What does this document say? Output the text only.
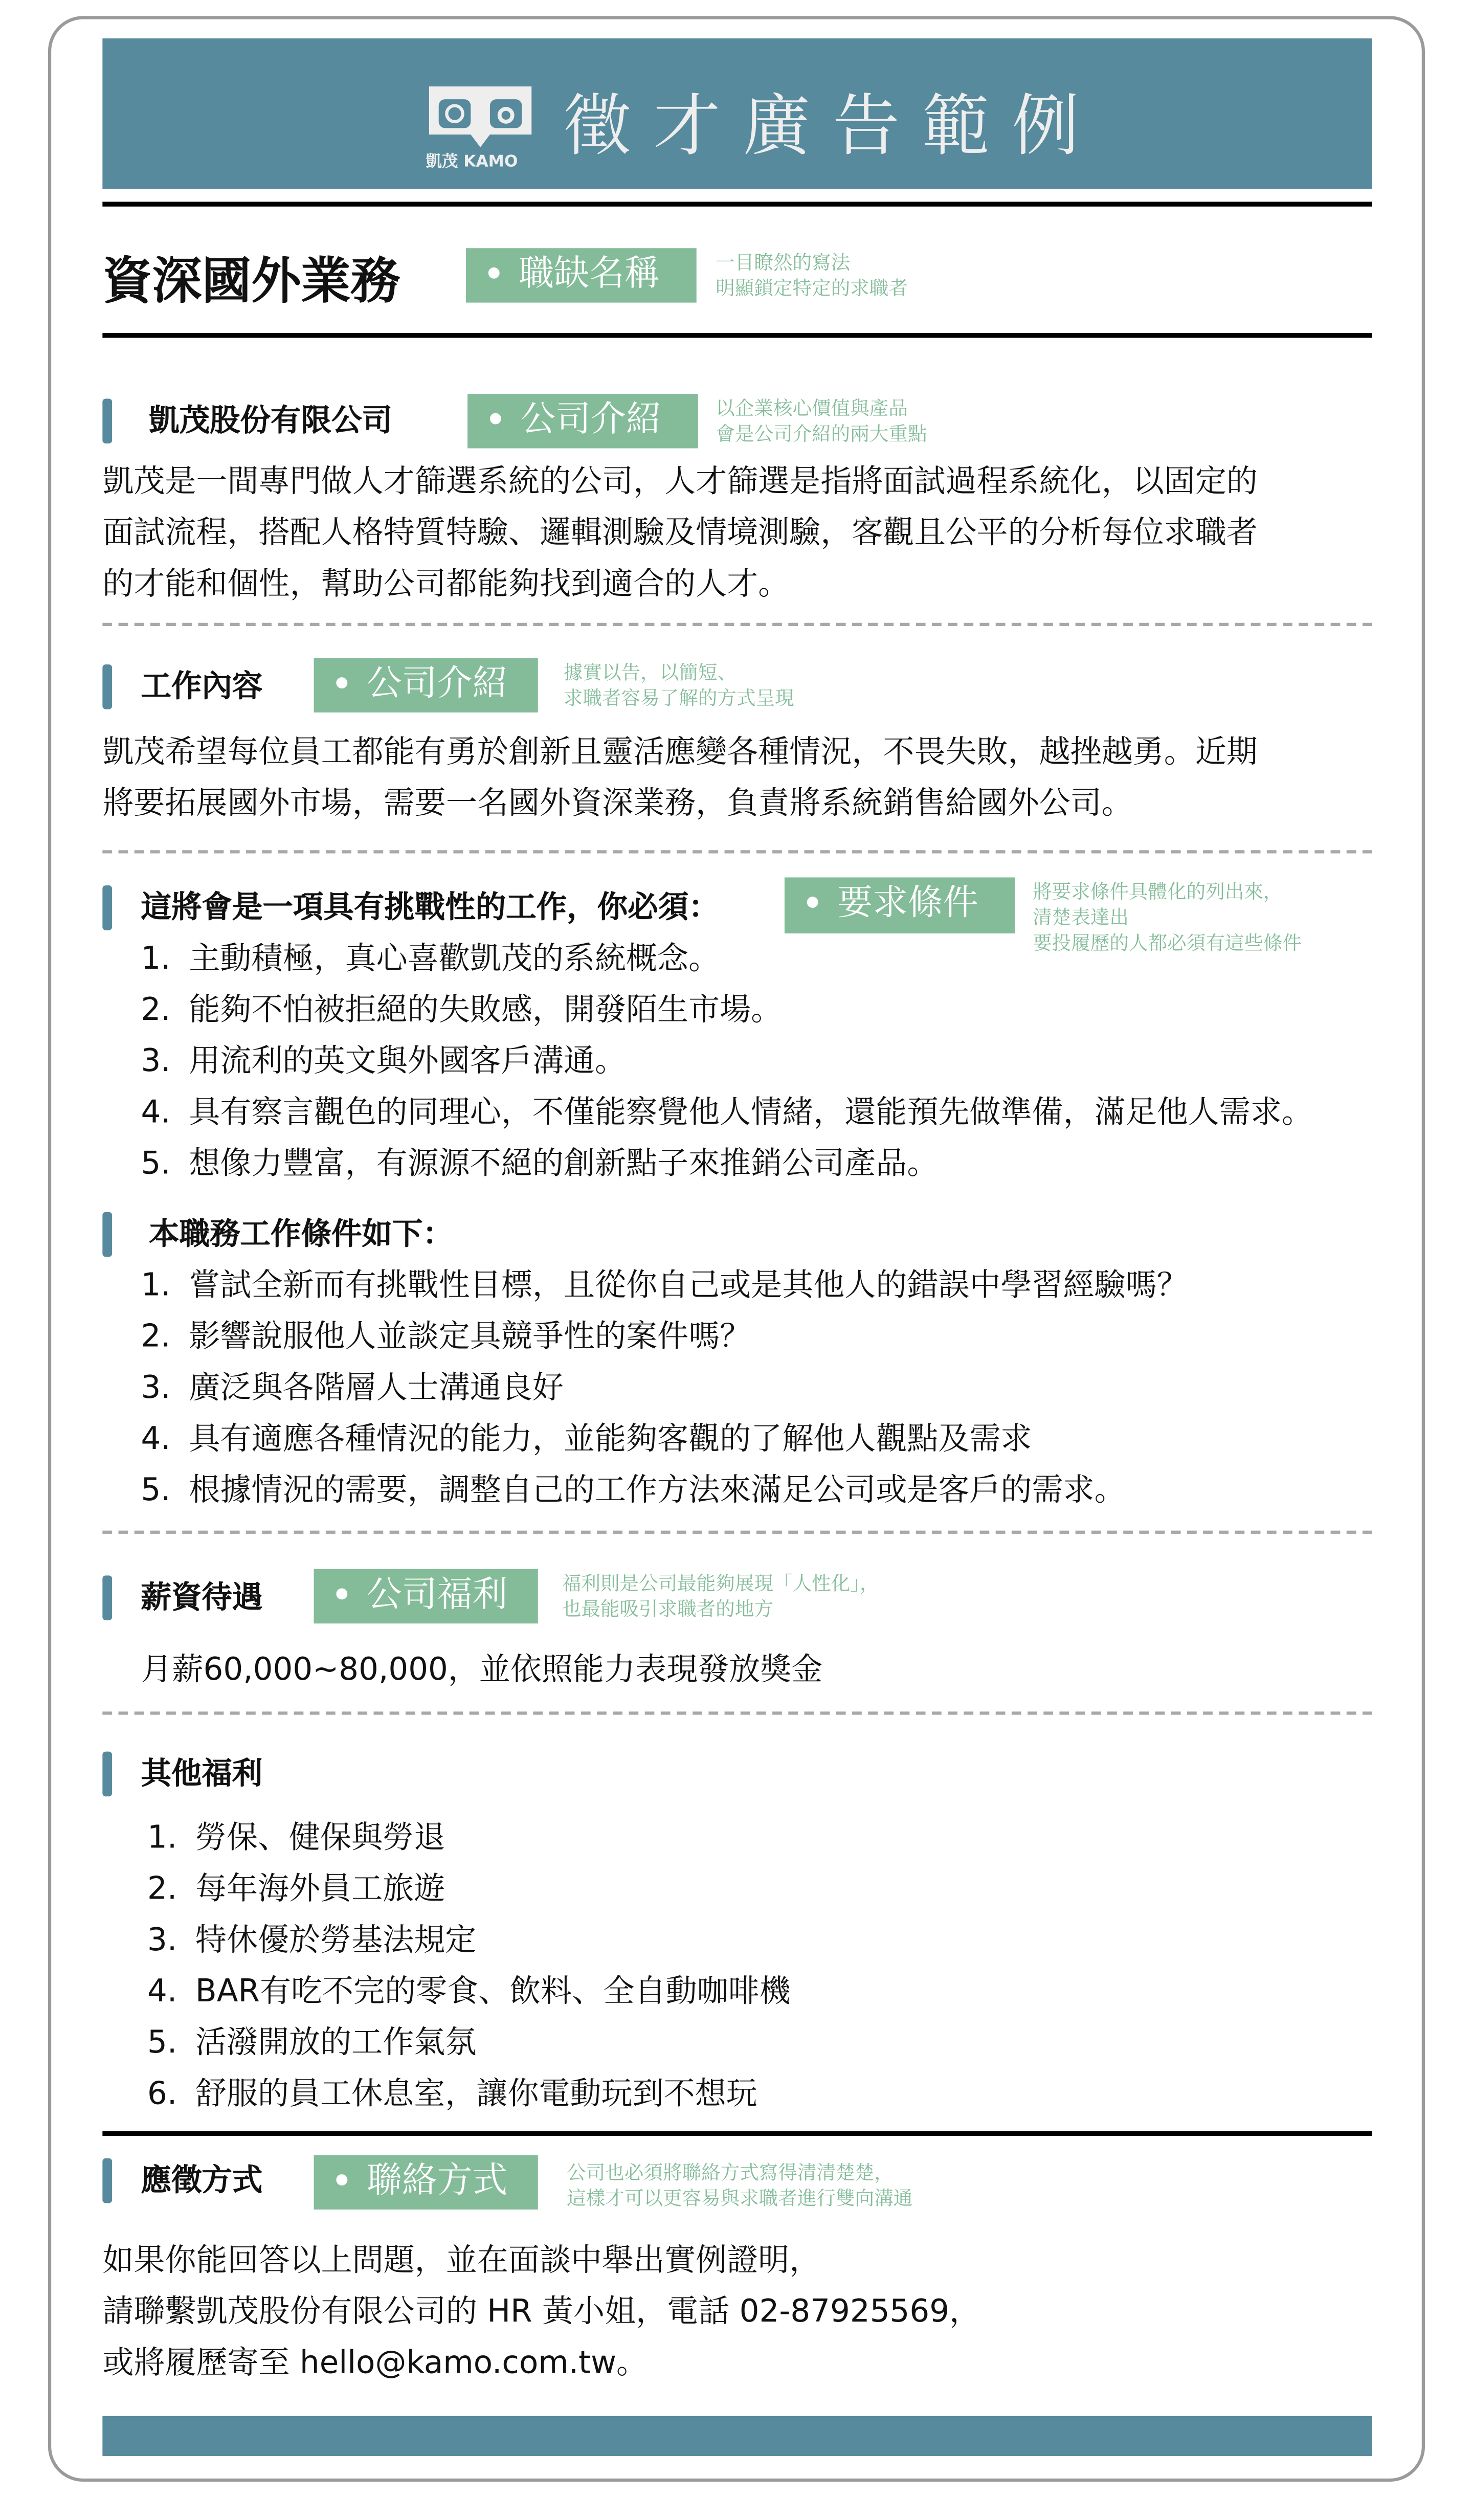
凱茂 KAMO 徵才廣告範例
資深國外業務	職缺名稱	一目瞭然的寫法
明顯鎖定特定的求職者
凱茂股份有限公司	公司介紹	以企業核心價值與產品
會是公司介紹的兩大重點
凱茂是一間專門做人才篩選系統的公司，人才篩選是指將面試過程系統化，以固定的
面試流程，搭配人格特質特驗、邏輯測驗及情境測驗，客觀且公平的分析每位求職者
的才能和個性，幫助公司都能夠找到適合的人才。
工作內容	公司介紹	據實以告，以簡短、
求職者容易了解的方式呈現
凱茂希望每位員工都能有勇於創新且靈活應變各種情況，不畏失敗，越挫越勇。近期
將要拓展國外市場，需要一名國外資深業務，負責將系統銷售給國外公司。
這將會是一項具有挑戰性的工作，你必須：	要求條件	將要求條件具體化的列出來，
清楚表達出
要投履歷的人都必須有這些條件
1. 主動積極，真心喜歡凱茂的系統概念。
2. 能夠不怕被拒絕的失敗感，開發陌生市場。
3. 用流利的英文與外國客戶溝通。
4. 具有察言觀色的同理心，不僅能察覺他人情緒，還能預先做準備，滿足他人需求。
5. 想像力豐富，有源源不絕的創新點子來推銷公司產品。
本職務工作條件如下：
1. 嘗試全新而有挑戰性目標，且從你自己或是其他人的錯誤中學習經驗嗎？
2. 影響說服他人並談定具競爭性的案件嗎？
3. 廣泛與各階層人士溝通良好
4. 具有適應各種情況的能力，並能夠客觀的了解他人觀點及需求
5. 根據情況的需要，調整自己的工作方法來滿足公司或是客戶的需求。
薪資待遇	公司福利	福利則是公司最能夠展現「人性化」，
也最能吸引求職者的地方
月薪60,000~80,000，並依照能力表現發放獎金
其他福利
1. 勞保、健保與勞退
2. 每年海外員工旅遊
3. 特休優於勞基法規定
4. BAR有吃不完的零食、飲料、全自動咖啡機
5. 活潑開放的工作氣氛
6. 舒服的員工休息室，讓你電動玩到不想玩
應徵方式	聯絡方式	公司也必須將聯絡方式寫得清清楚楚，
這樣才可以更容易與求職者進行雙向溝通
如果你能回答以上問題，並在面談中舉出實例證明，
請聯繫凱茂股份有限公司的 HR 黃小姐，電話 02-87925569，
或將履歷寄至 hello@kamo.com.tw。
